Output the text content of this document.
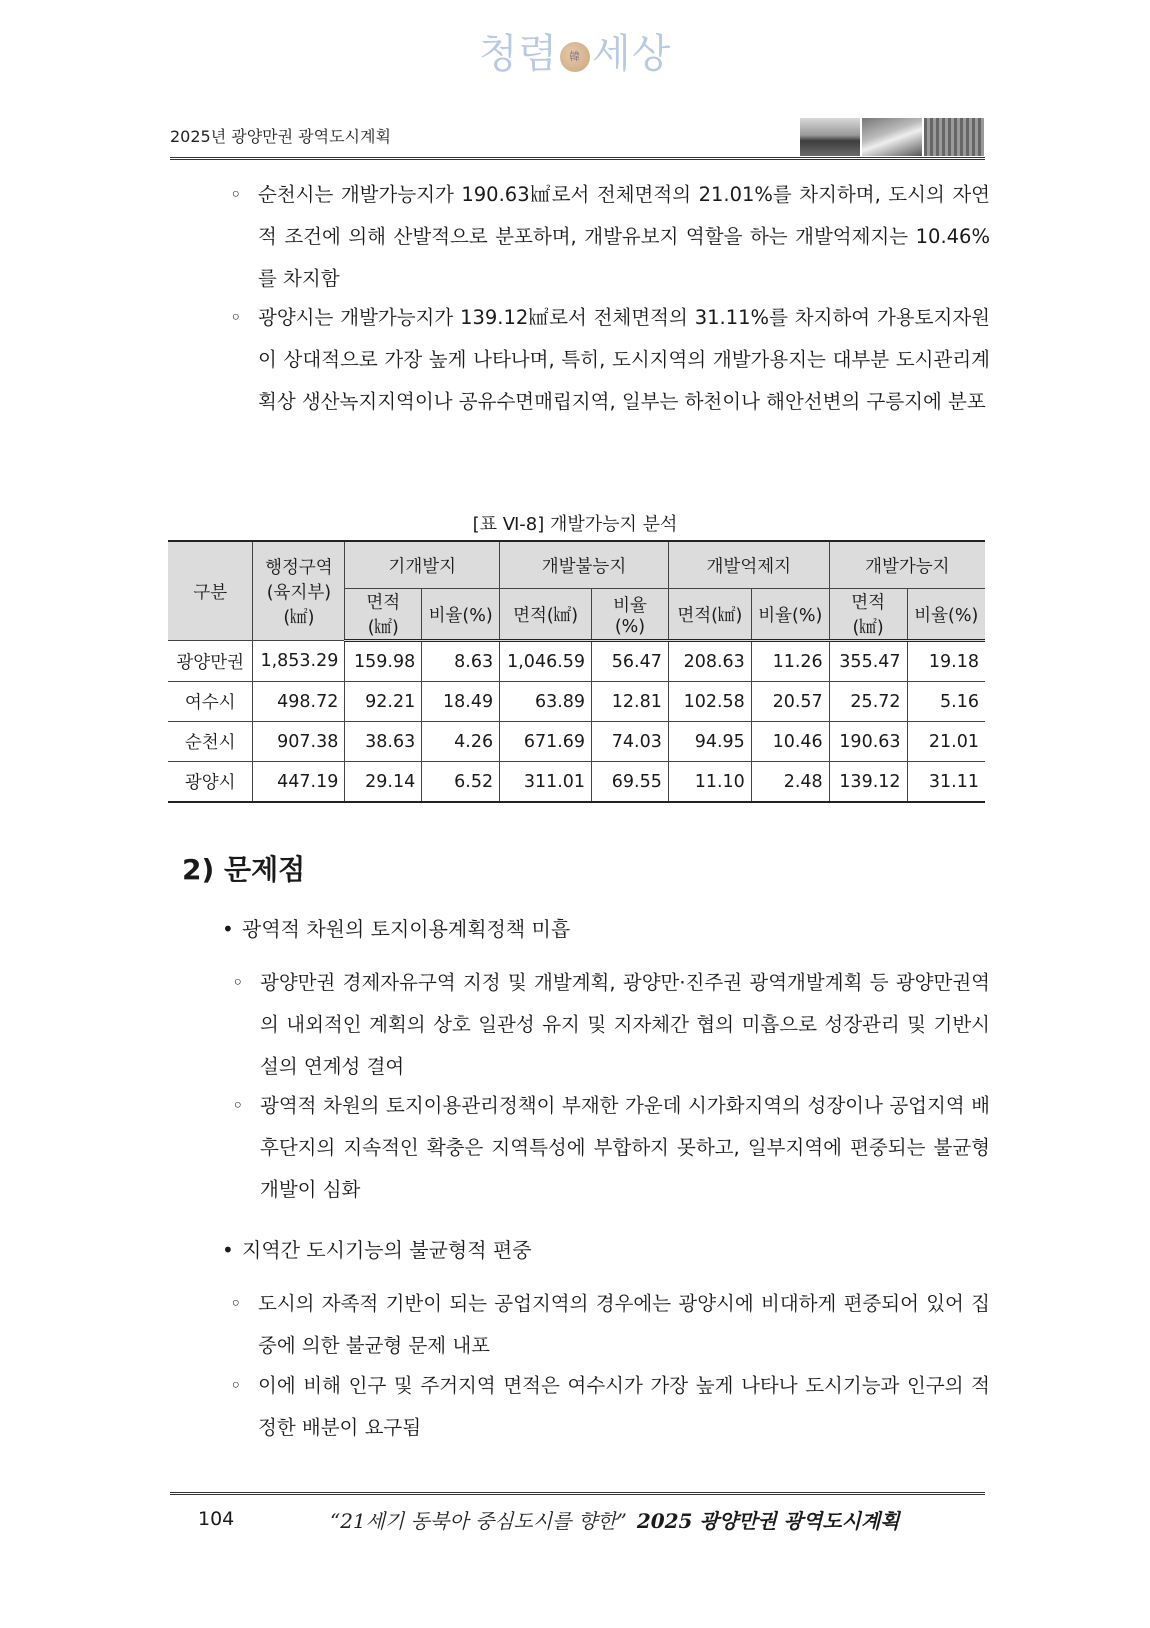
청렴 韓 세상
2025년 광양만권 광역도시계획
◦ 순천시는 개발가능지가 190.63㎢로서 전체면적의 21.01%를 차지하며, 도시의 자연적 조건에 의해 산발적으로 분포하며, 개발유보지 역할을 하는 개발억제지는 10.46%를 차지함
◦ 광양시는 개발가능지가 139.12㎢로서 전체면적의 31.11%를 차지하여 가용토지자원이 상대적으로 가장 높게 나타나며, 특히, 도시지역의 개발가용지는 대부분 도시관리계획상 생산녹지지역이나 공유수면매립지역, 일부는 하천이나 해안선변의 구릉지에 분포
[표 Ⅵ-8] 개발가능지 분석
구분	행정구역 (육지부) (㎢)	기개발지		개발불능지		개발억제지		개발가능지	
		면적(㎢)	비율(%)	면적(㎢)	비율(%)	면적(㎢)	비율(%)	면적(㎢)	비율(%)
광양만권	1,853.29	159.98	8.63	1,046.59	56.47	208.63	11.26	355.47	19.18
여수시	498.72	92.21	18.49	63.89	12.81	102.58	20.57	25.72	5.16
순천시	907.38	38.63	4.26	671.69	74.03	94.95	10.46	190.63	21.01
광양시	447.19	29.14	6.52	311.01	69.55	11.10	2.48	139.12	31.11
2) 문제점
• 광역적 차원의 토지이용계획정책 미흡
◦ 광양만권 경제자유구역 지정 및 개발계획, 광양만·진주권 광역개발계획 등 광양만권역의 내외적인 계획의 상호 일관성 유지 및 지자체간 협의 미흡으로 성장관리 및 기반시설의 연계성 결여
◦ 광역적 차원의 토지이용관리정책이 부재한 가운데 시가화지역의 성장이나 공업지역 배후단지의 지속적인 확충은 지역특성에 부합하지 못하고, 일부지역에 편중되는 불균형 개발이 심화
• 지역간 도시기능의 불균형적 편중
◦ 도시의 자족적 기반이 되는 공업지역의 경우에는 광양시에 비대하게 편중되어 있어 집중에 의한 불균형 문제 내포
◦ 이에 비해 인구 및 주거지역 면적은 여수시가 가장 높게 나타나 도시기능과 인구의 적정한 배분이 요구됨
104	“21세기 동북아 중심도시를 향한” 2025 광양만권 광역도시계획
